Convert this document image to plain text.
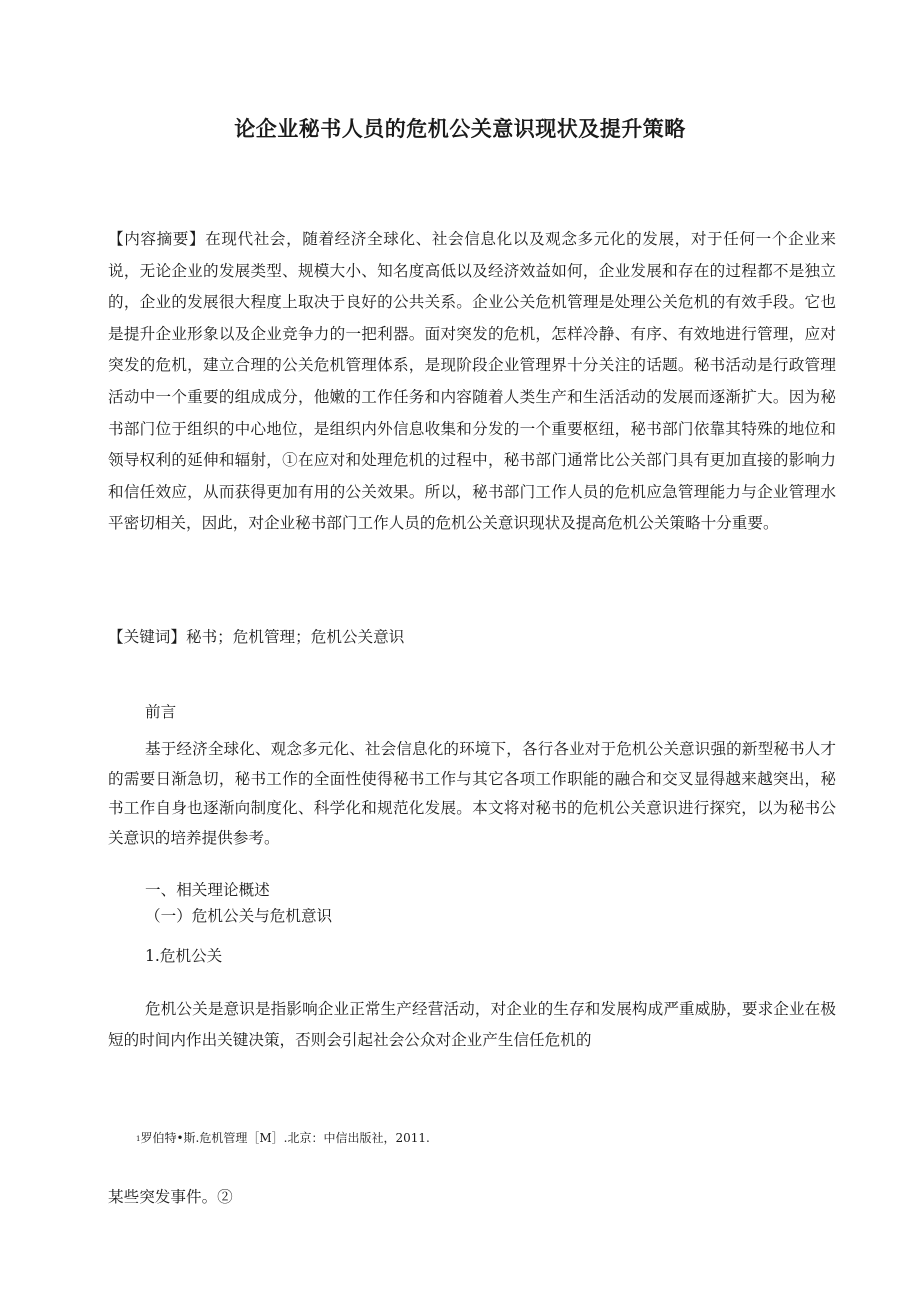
论企业秘书人员的危机公关意识现状及提升策略

【内容摘要】在现代社会，随着经济全球化、社会信息化以及观念多元化的发展，对于任何一个企业来说，无论企业的发展类型、规模大小、知名度高低以及经济效益如何，企业发展和存在的过程都不是独立的，企业的发展很大程度上取决于良好的公共关系。企业公关危机管理是处理公关危机的有效手段。它也是提升企业形象以及企业竞争力的一把利器。面对突发的危机，怎样冷静、有序、有效地进行管理，应对突发的危机，建立合理的公关危机管理体系，是现阶段企业管理界十分关注的话题。秘书活动是行政管理活动中一个重要的组成成分，他嫩的工作任务和内容随着人类生产和生活活动的发展而逐渐扩大。因为秘书部门位于组织的中心地位，是组织内外信息收集和分发的一个重要枢纽，秘书部门依靠其特殊的地位和领导权利的延伸和辐射，①在应对和处理危机的过程中，秘书部门通常比公关部门具有更加直接的影响力和信任效应，从而获得更加有用的公关效果。所以，秘书部门工作人员的危机应急管理能力与企业管理水平密切相关，因此，对企业秘书部门工作人员的危机公关意识现状及提高危机公关策略十分重要。

【关键词】秘书；危机管理；危机公关意识

前言

基于经济全球化、观念多元化、社会信息化的环境下，各行各业对于危机公关意识强的新型秘书人才的需要日渐急切，秘书工作的全面性使得秘书工作与其它各项工作职能的融合和交叉显得越来越突出，秘书工作自身也逐渐向制度化、科学化和规范化发展。本文将对秘书的危机公关意识进行探究，以为秘书公关意识的培养提供参考。

一、相关理论概述

（一）危机公关与危机意识

1.危机公关

危机公关是意识是指影响企业正常生产经营活动，对企业的生存和发展构成严重威胁，要求企业在极短的时间内作出关键决策，否则会引起社会公众对企业产生信任危机的

$^1$罗伯特•斯.危机管理［M］.北京：中信出版社，2011.

某些突发事件。②
